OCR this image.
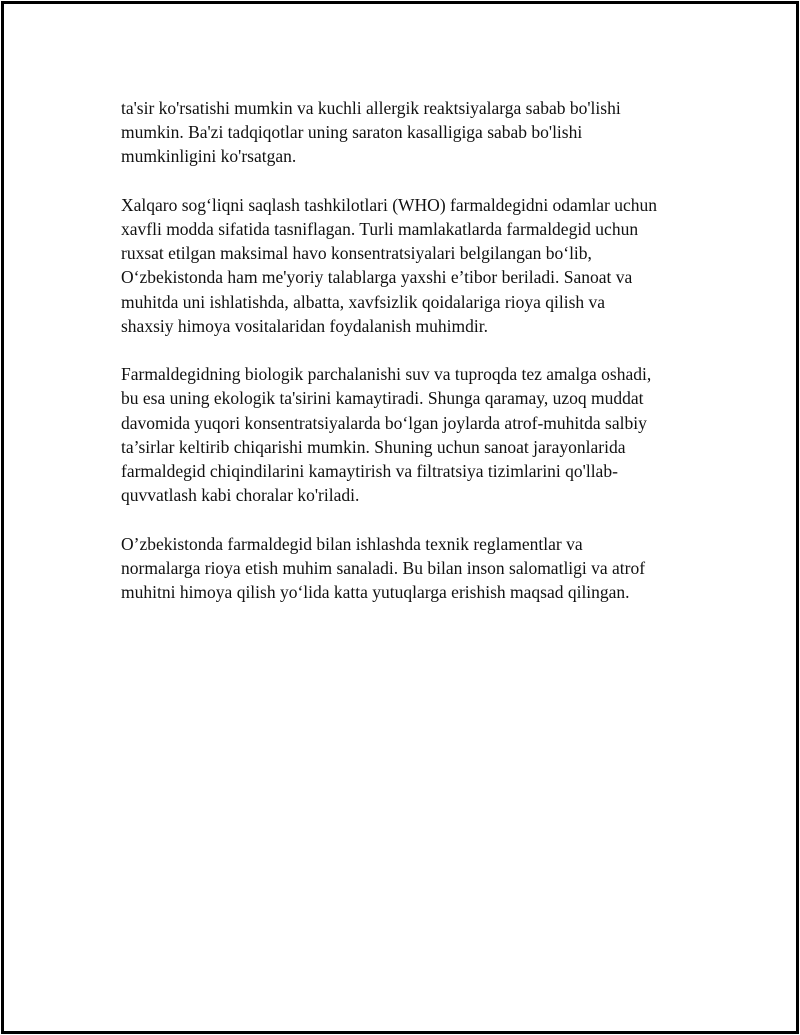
ta'sir ko'rsatishi mumkin va kuchli allergik reaktsiyalarga sabab bo'lishi
mumkin. Ba'zi tadqiqotlar uning saraton kasalligiga sabab bo'lishi
mumkinligini ko'rsatgan.

Xalqaro sog‘liqni saqlash tashkilotlari (WHO) farmaldegidni odamlar uchun
xavfli modda sifatida tasniflagan. Turli mamlakatlarda farmaldegid uchun
ruxsat etilgan maksimal havo konsentratsiyalari belgilangan bo‘lib,
O‘zbekistonda ham me'yoriy talablarga yaxshi e’tibor beriladi. Sanoat va
muhitda uni ishlatishda, albatta, xavfsizlik qoidalariga rioya qilish va
shaxsiy himoya vositalaridan foydalanish muhimdir.

Farmaldegidning biologik parchalanishi suv va tuproqda tez amalga oshadi,
bu esa uning ekologik ta'sirini kamaytiradi. Shunga qaramay, uzoq muddat
davomida yuqori konsentratsiyalarda bo‘lgan joylarda atrof-muhitda salbiy
ta’sirlar keltirib chiqarishi mumkin. Shuning uchun sanoat jarayonlarida
farmaldegid chiqindilarini kamaytirish va filtratsiya tizimlarini qo'llab-
quvvatlash kabi choralar ko'riladi.

O’zbekistonda farmaldegid bilan ishlashda texnik reglamentlar va
normalarga rioya etish muhim sanaladi. Bu bilan inson salomatligi va atrof
muhitni himoya qilish yo‘lida katta yutuqlarga erishish maqsad qilingan.
